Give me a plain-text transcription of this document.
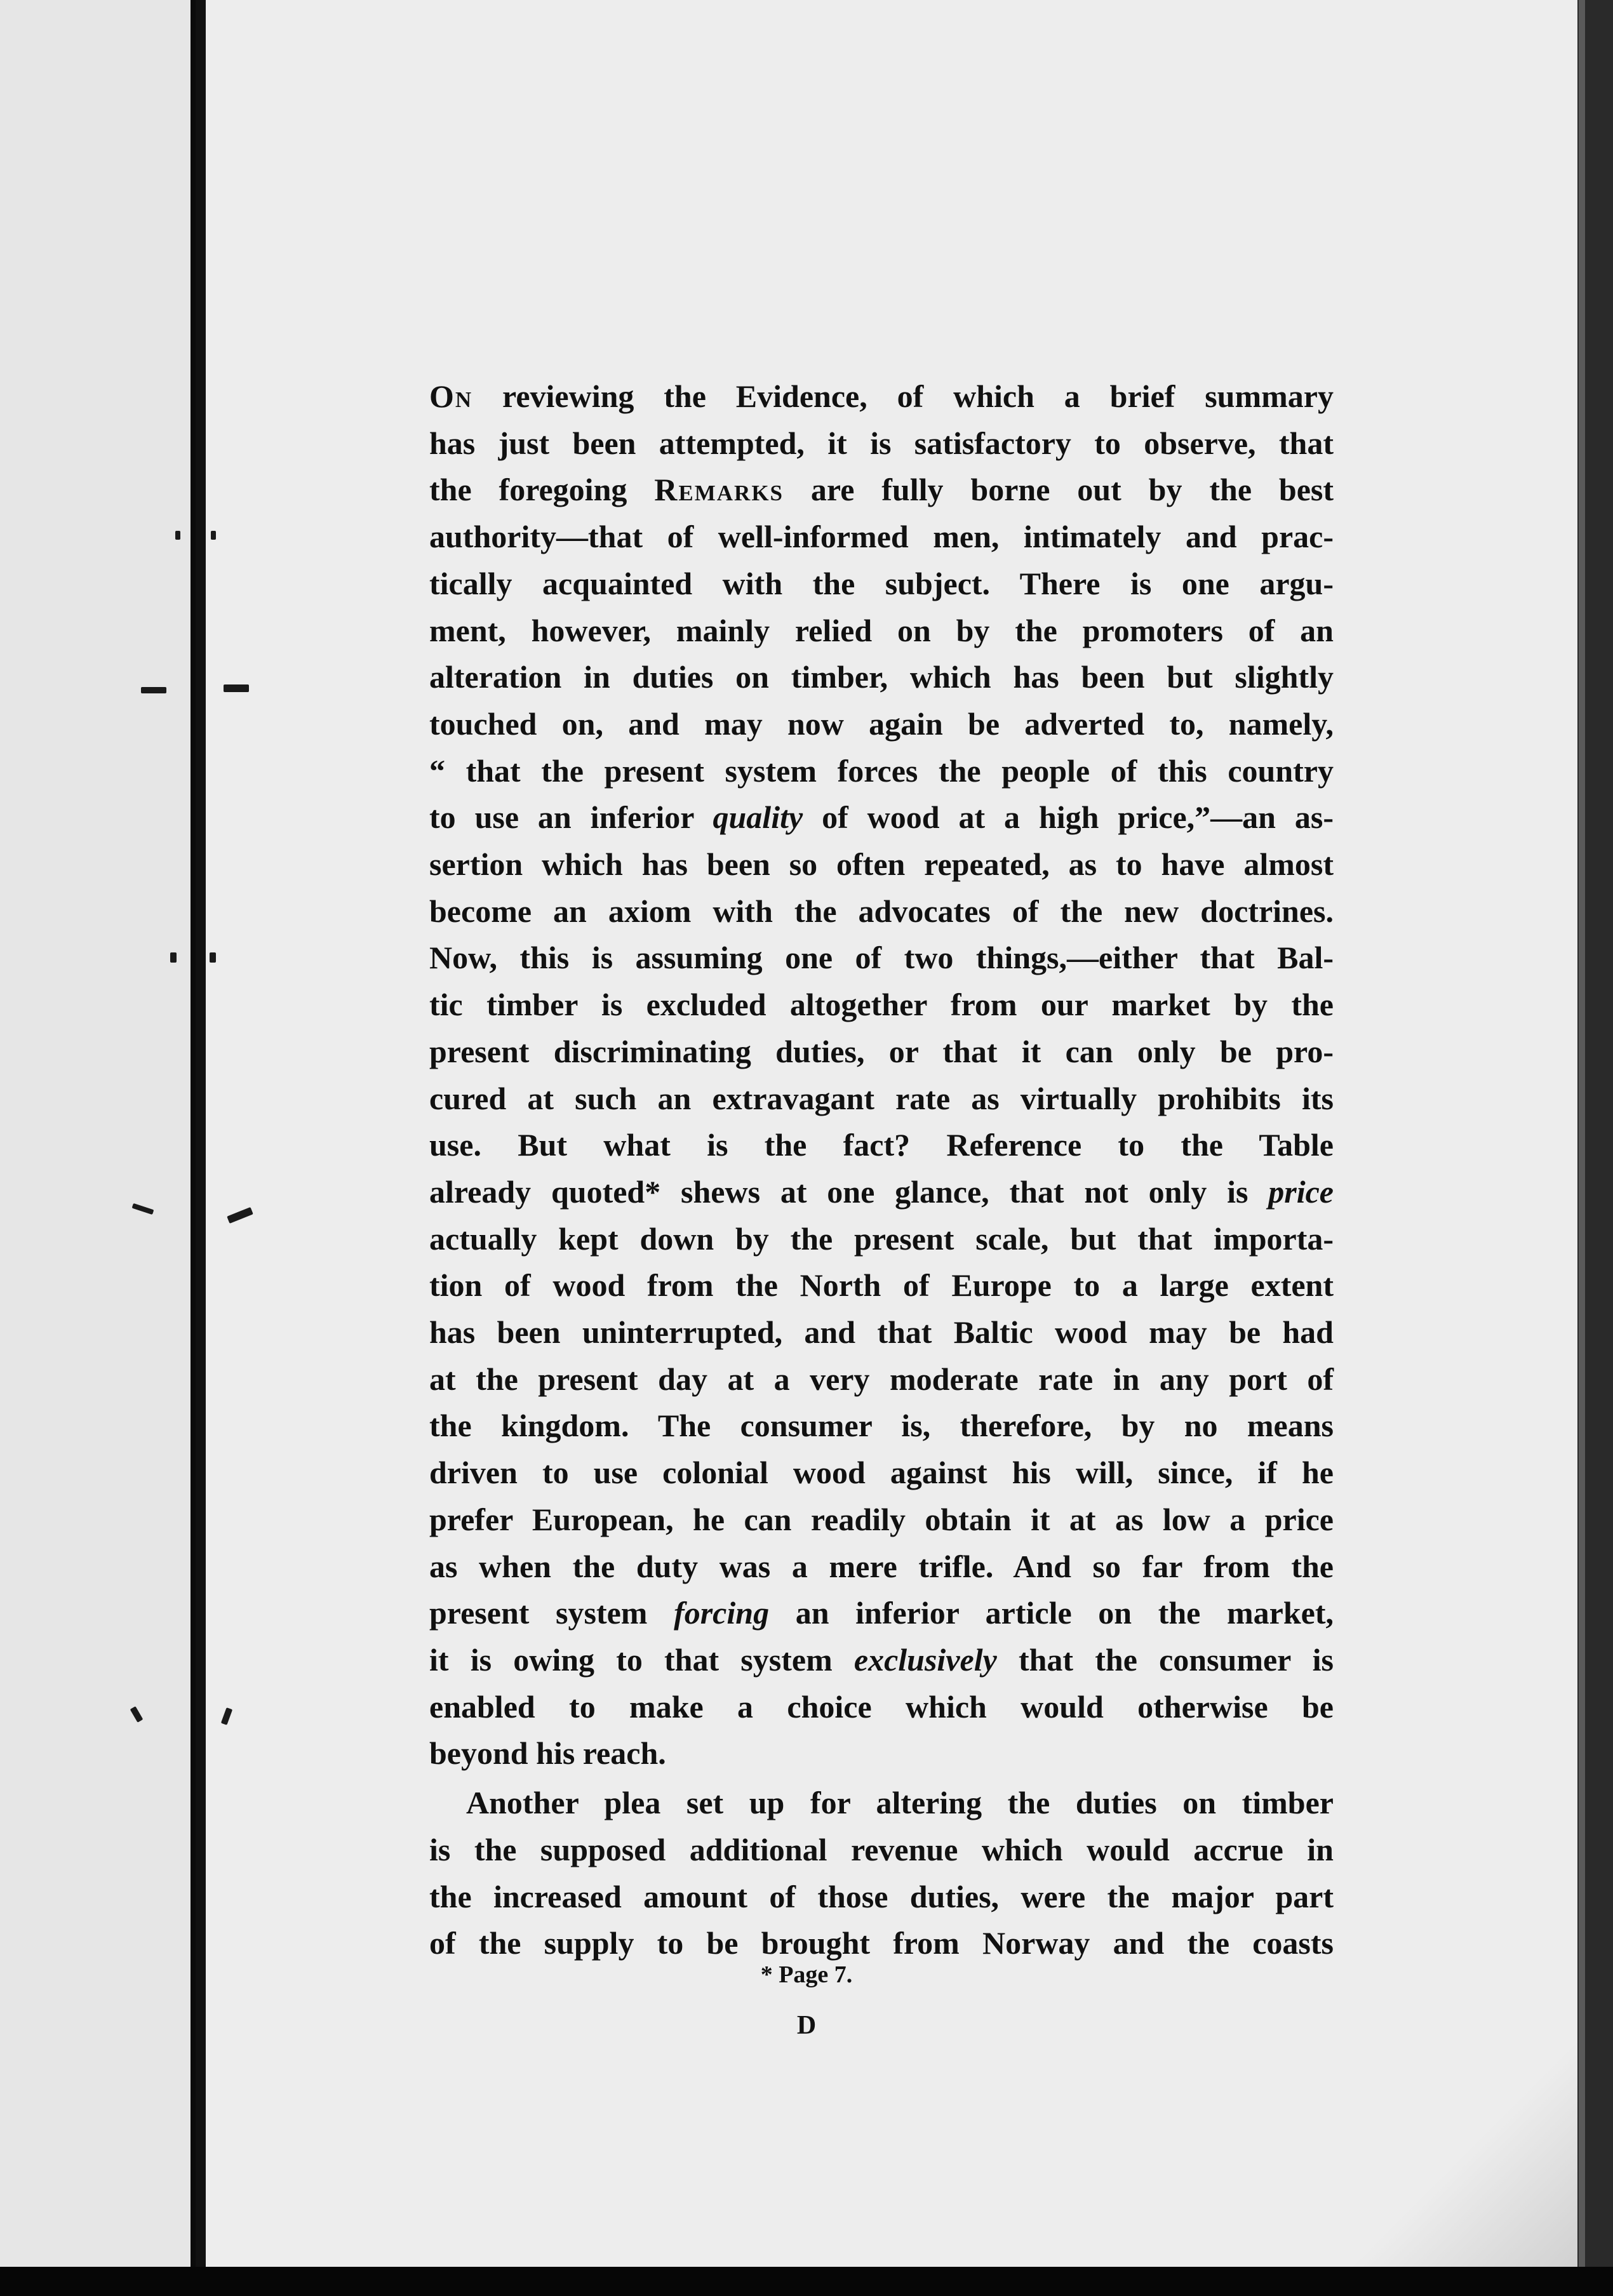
On reviewing the Evidence, of which a brief summary
has just been attempted, it is satisfactory to observe, that
the foregoing Remarks are fully borne out by the best
authority—that of well-informed men, intimately and prac-
tically acquainted with the subject. There is one argu-
ment, however, mainly relied on by the promoters of an
alteration in duties on timber, which has been but slightly
touched on, and may now again be adverted to, namely,
“ that the present system forces the people of this country
to use an inferior quality of wood at a high price,”—an as-
sertion which has been so often repeated, as to have almost
become an axiom with the advocates of the new doctrines.
Now, this is assuming one of two things,—either that Bal-
tic timber is excluded altogether from our market by the
present discriminating duties, or that it can only be pro-
cured at such an extravagant rate as virtually prohibits its
use. But what is the fact? Reference to the Table
already quoted* shews at one glance, that not only is price
actually kept down by the present scale, but that importa-
tion of wood from the North of Europe to a large extent
has been uninterrupted, and that Baltic wood may be had
at the present day at a very moderate rate in any port of
the kingdom. The consumer is, therefore, by no means
driven to use colonial wood against his will, since, if he
prefer European, he can readily obtain it at as low a price
as when the duty was a mere trifle. And so far from the
present system forcing an inferior article on the market,
it is owing to that system exclusively that the consumer is
enabled to make a choice which would otherwise be
beyond his reach.
Another plea set up for altering the duties on timber
is the supposed additional revenue which would accrue in
the increased amount of those duties, were the major part
of the supply to be brought from Norway and the coasts
* Page 7.
D
